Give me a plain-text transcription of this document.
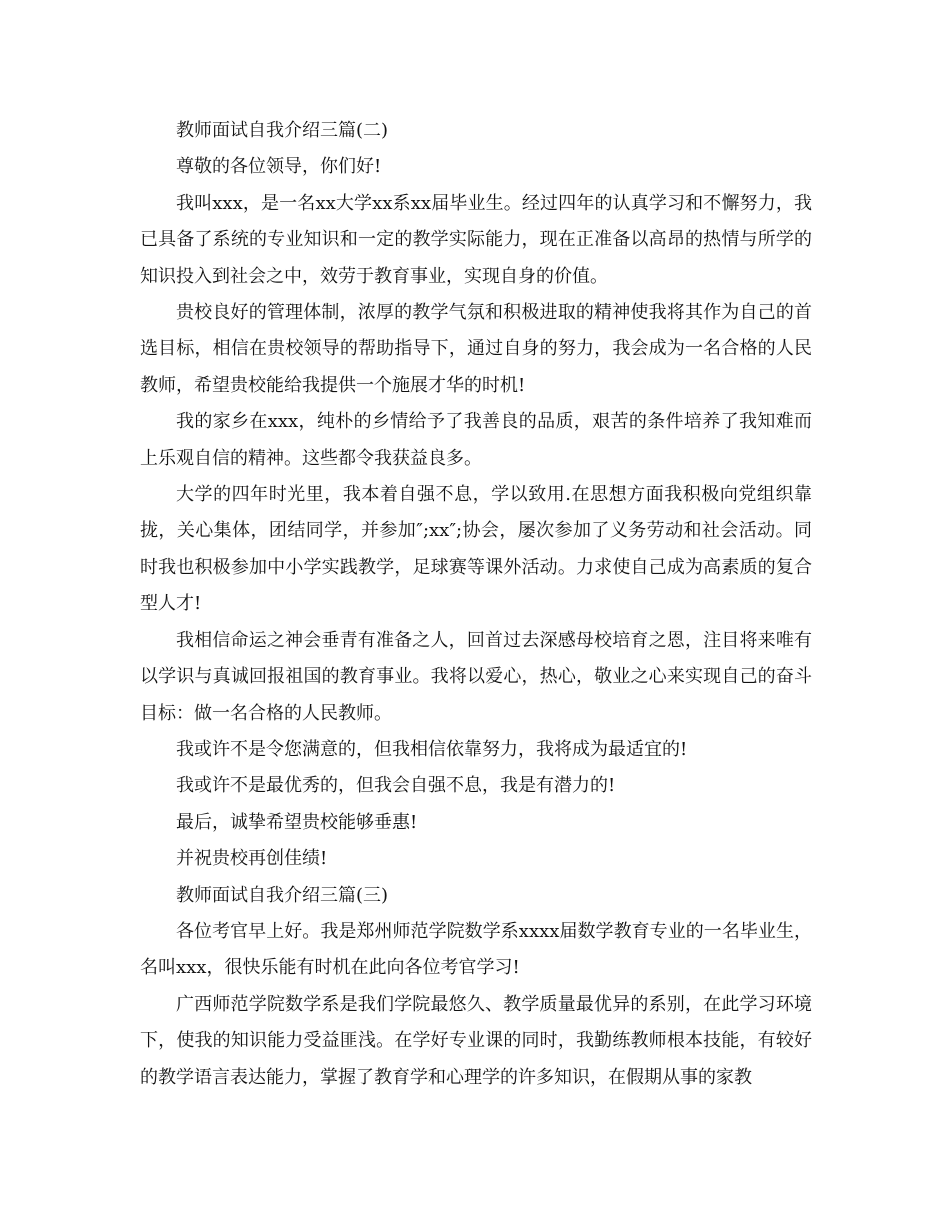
教师面试自我介绍三篇(二)

尊敬的各位领导，你们好!

我叫xxx，是一名xx大学xx系xx届毕业生。经过四年的认真学习和不懈努力，我已具备了系统的专业知识和一定的教学实际能力，现在正准备以高昂的热情与所学的知识投入到社会之中，效劳于教育事业，实现自身的价值。

贵校良好的管理体制，浓厚的教学气氛和积极进取的精神使我将其作为自己的首选目标，相信在贵校领导的帮助指导下，通过自身的努力，我会成为一名合格的人民教师，希望贵校能给我提供一个施展才华的时机!

我的家乡在xxx，纯朴的乡情给予了我善良的品质，艰苦的条件培养了我知难而上乐观自信的精神。这些都令我获益良多。

大学的四年时光里，我本着自强不息，学以致用.在思想方面我积极向党组织靠拢，关心集体，团结同学，并参加″;xx″;协会，屡次参加了义务劳动和社会活动。同时我也积极参加中小学实践教学，足球赛等课外活动。力求使自己成为高素质的复合型人才!

我相信命运之神会垂青有准备之人，回首过去深感母校培育之恩，注目将来唯有以学识与真诚回报祖国的教育事业。我将以爱心，热心，敬业之心来实现自己的奋斗目标：做一名合格的人民教师。

我或许不是令您满意的，但我相信依靠努力，我将成为最适宜的!

我或许不是最优秀的，但我会自强不息，我是有潜力的!

最后，诚挚希望贵校能够垂惠!

并祝贵校再创佳绩!

教师面试自我介绍三篇(三)

各位考官早上好。我是郑州师范学院数学系xxxx届数学教育专业的一名毕业生，名叫xxx，很快乐能有时机在此向各位考官学习!

广西师范学院数学系是我们学院最悠久、教学质量最优异的系别，在此学习环境下，使我的知识能力受益匪浅。在学好专业课的同时，我勤练教师根本技能，有较好的教学语言表达能力，掌握了教育学和心理学的许多知识，在假期从事的家教
